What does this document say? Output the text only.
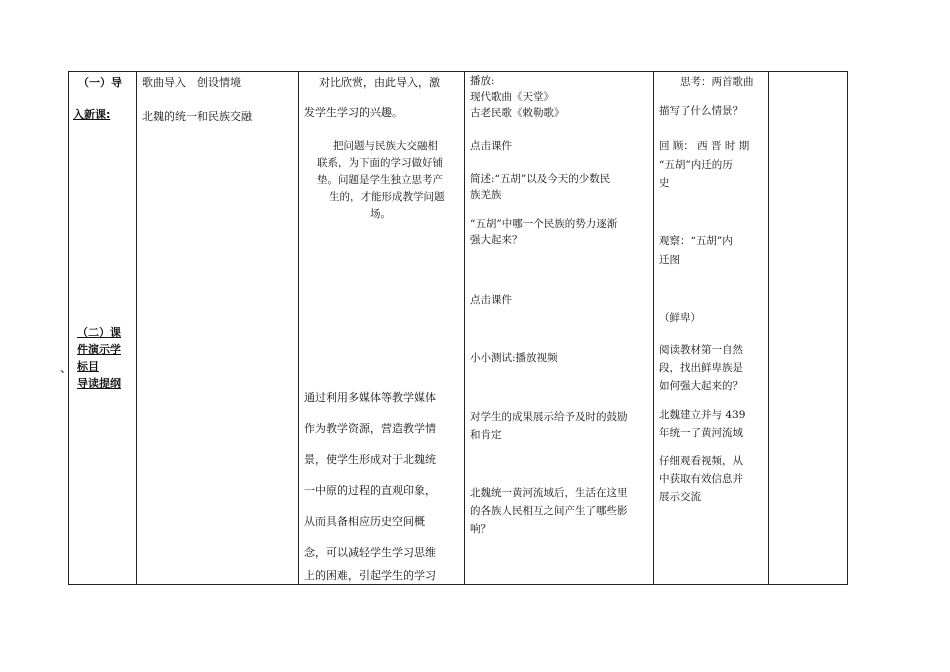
（一）导
入新课:
（二）课
件演示学
标目
导读提纲

歌曲导入　创设情境
北魏的统一和民族交融

对比欣赏，由此导入，激
发学生学习的兴趣。
把问题与民族大交融相
联系，为下面的学习做好铺
垫。问题是学生独立思考产
生的，才能形成教学问题
场。
通过利用多媒体等教学媒体
作为教学资源，营造教学情
景，使学生形成对于北魏统
一中原的过程的直观印象，
从而具备相应历史空间概
念，可以减轻学生学习思维
上的困难，引起学生的学习

播放:
现代歌曲《天堂》
古老民歌《敕勒歌》
点击课件
简述:“五胡”以及今天的少数民
族羌族
“五胡”中哪一个民族的势力逐渐
强大起来？
点击课件
小小测试:播放视频
对学生的成果展示给予及时的鼓励
和肯定
北魏统一黄河流域后，生活在这里
的各族人民相互之间产生了哪些影
响？

思考：两首歌曲
描写了什么情景？
回 顾： 西 晋 时 期
“五胡”内迁的历
史
观察：“五胡”内
迁图
（鲜卑）
阅读教材第一自然
段，找出鲜卑族是
如何强大起来的？
北魏建立并与 439
年统一了黄河流域
仔细观看视频，从
中获取有效信息并
展示交流

、
